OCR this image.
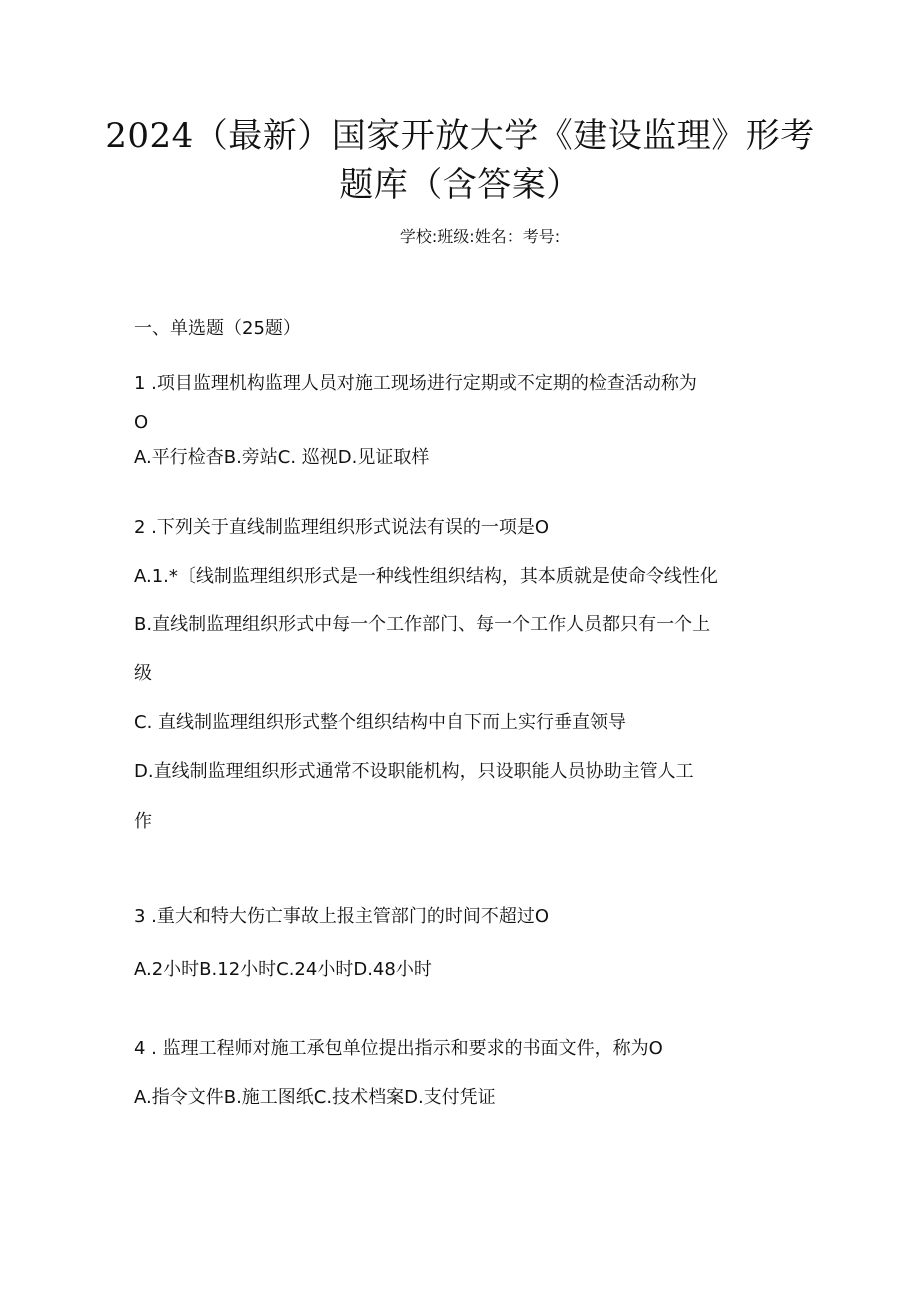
2024（最新）国家开放大学《建设监理》形考
题库（含答案）
学校:班级:姓名：考号:
一、单选题（25题）
1 .项目监理机构监理人员对施工现场进行定期或不定期的检查活动称为
O
A.平行检杳B.旁站C. 巡视D.见证取样
2 .下列关于直线制监理组织形式说法有误的一项是O
A.1.*〔线制监理组织形式是一种线性组织结构，其本质就是使命令线性化
B.直线制监理组织形式中每一个工作部门、每一个工作人员都只有一个上
级
C. 直线制监理组织形式整个组织结构中自下而上实行垂直领导
D.直线制监理组织形式通常不设职能机构，只设职能人员协助主管人工
作
3 .重大和特大伤亡事故上报主管部门的时间不超过O
A.2小时B.12小时C.24小时D.48小时
4 . 监理工程师对施工承包单位提出指示和要求的书面文件，称为O
A.指令文件B.施工图纸C.技术档案D.支付凭证
